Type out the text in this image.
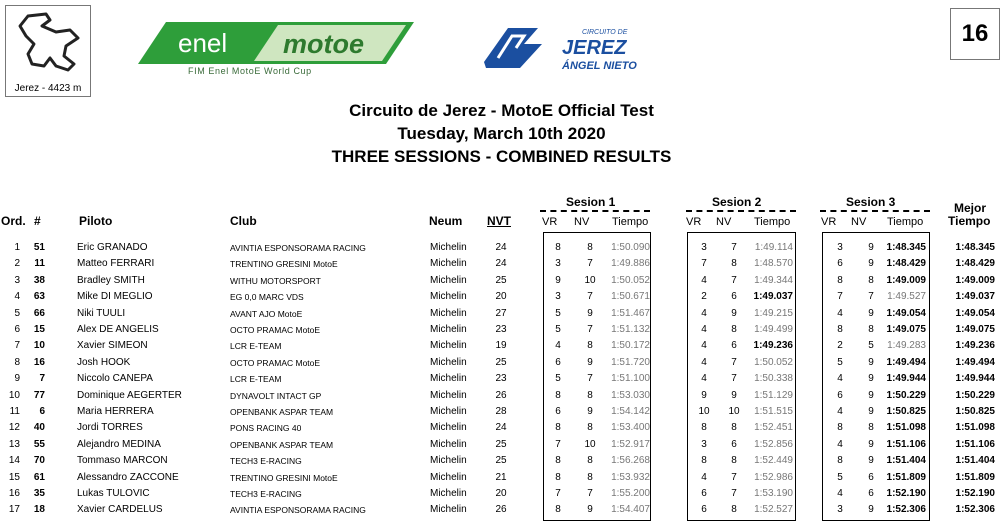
Jerez - 4423 m
enel motoe
FIM Enel MotoE World Cup
CIRCUITO DE
JEREZ
ÁNGEL NIETO
16
Circuito de Jerez - MotoE Official Test
Tuesday, March 10th 2020
THREE SESSIONS - COMBINED RESULTS
Ord. #	Piloto	Club	Neum NVT
Sesion 1	Sesion 2	Sesion 3
VR NV Tiempo	VR NV Tiempo	VR NV Tiempo
Mejor
Tiempo
1	51	Eric GRANADO	AVINTIA ESPONSORAMA RACING	Michelin	24	8	8	1:50.090	3	7	1:49.114	3	9	1:48.345	1:48.345
2	11	Matteo FERRARI	TRENTINO GRESINI MotoE	Michelin	24	3	7	1:49.886	7	8	1:48.570	6	9	1:48.429	1:48.429
3	38	Bradley SMITH	WITHU MOTORSPORT	Michelin	25	9	10	1:50.052	4	7	1:49.344	8	8	1:49.009	1:49.009
4	63	Mike DI MEGLIO	EG 0,0 MARC VDS	Michelin	20	3	7	1:50.671	2	6	1:49.037	7	7	1:49.527	1:49.037
5	66	Niki TUULI	AVANT AJO MotoE	Michelin	27	5	9	1:51.467	4	9	1:49.215	4	9	1:49.054	1:49.054
6	15	Alex DE ANGELIS	OCTO PRAMAC MotoE	Michelin	23	5	7	1:51.132	4	8	1:49.499	8	8	1:49.075	1:49.075
7	10	Xavier SIMEON	LCR E-TEAM	Michelin	19	4	8	1:50.172	4	6	1:49.236	2	5	1:49.283	1:49.236
8	16	Josh HOOK	OCTO PRAMAC MotoE	Michelin	25	6	9	1:51.720	4	7	1:50.052	5	9	1:49.494	1:49.494
9	7	Niccolo CANEPA	LCR E-TEAM	Michelin	23	5	7	1:51.100	4	7	1:50.338	4	9	1:49.944	1:49.944
10	77	Dominique AEGERTER	DYNAVOLT INTACT GP	Michelin	26	8	8	1:53.030	9	9	1:51.129	6	9	1:50.229	1:50.229
11	6	Maria HERRERA	OPENBANK ASPAR TEAM	Michelin	28	6	9	1:54.142	10	10	1:51.515	4	9	1:50.825	1:50.825
12	40	Jordi TORRES	PONS RACING 40	Michelin	24	8	8	1:53.400	8	8	1:52.451	8	8	1:51.098	1:51.098
13	55	Alejandro MEDINA	OPENBANK ASPAR TEAM	Michelin	25	7	10	1:52.917	3	6	1:52.856	4	9	1:51.106	1:51.106
14	70	Tommaso MARCON	TECH3 E-RACING	Michelin	25	8	8	1:56.268	8	8	1:52.449	8	9	1:51.404	1:51.404
15	61	Alessandro ZACCONE	TRENTINO GRESINI MotoE	Michelin	21	8	8	1:53.932	4	7	1:52.986	5	6	1:51.809	1:51.809
16	35	Lukas TULOVIC	TECH3 E-RACING	Michelin	20	7	7	1:55.200	6	7	1:53.190	4	6	1:52.190	1:52.190
17	18	Xavier CARDELUS	AVINTIA ESPONSORAMA RACING	Michelin	26	8	9	1:54.407	6	8	1:52.527	3	9	1:52.306	1:52.306
